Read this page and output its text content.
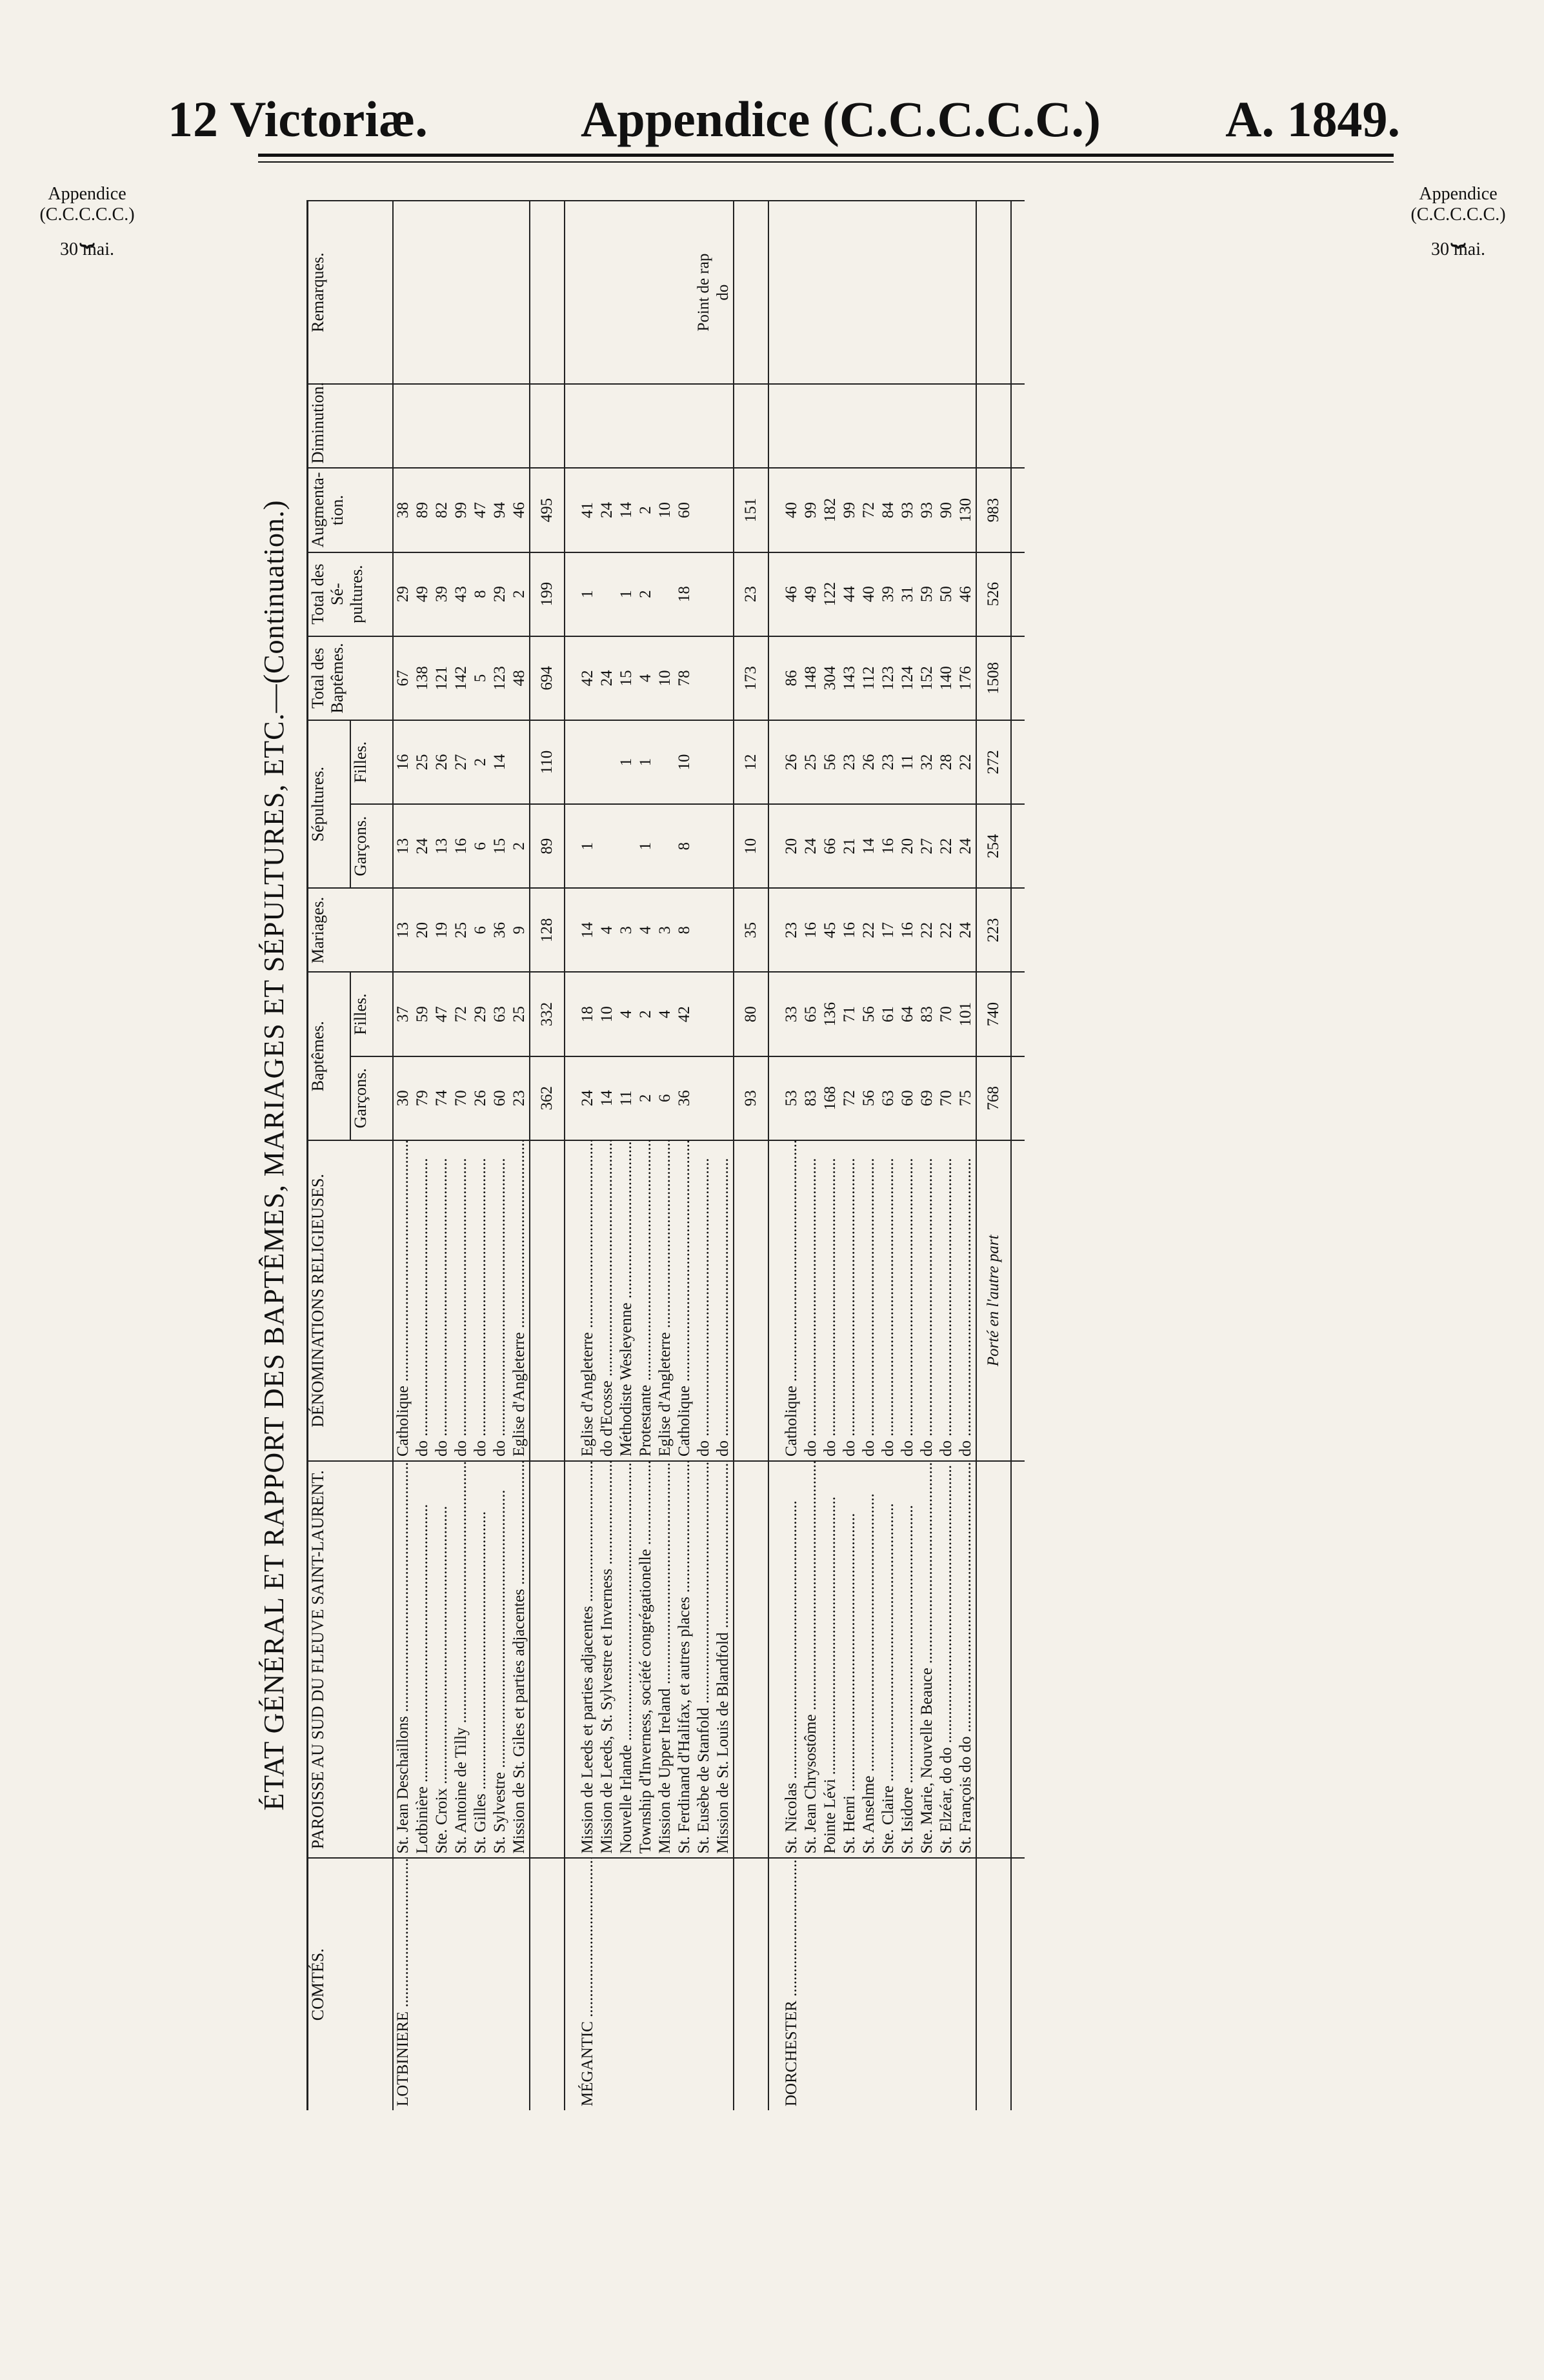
12 Victoriæ.	Appendice (C.C.C.C.C.) A. 1849.
Appendice
(C.C.C.C.C.)
⏟
30 mai.
Appendice
(C.C.C.C.C.)
⏟
30 mai.
ÉTAT GÉNÉRAL ET RAPPORT DES BAPTÊMES, MARIAGES ET SÉPULTURES, ETC.—(Continuation.)
COMTÉS.	PAROISSE AU SUD DU FLEUVE SAINT-LAURENT.	DÉNOMINATIONS RELIGIEUSES.	Baptêmes.		Mariages.	Sépultures.		Total des Baptêmes.	Total des Sé-pultures.	Augmenta-tion.	Diminution.	Remarques.
			Garçons.	Filles.		Garçons.	Filles.					
LOTBINIERE .....	St. Jean Deschaillons .....	Catholique .....	30	37	13	13	16	67	29	38		
	Lotbinière .....	do .....	79	59	20	24	25	138	49	89		
	Ste. Croix .....	do .....	74	47	19	13	26	121	39	82		
	St. Antoine de Tilly .....	do .....	70	72	25	16	27	142	43	99		
	St. Gilles .....	do .....	26	29	6	6	2	5	8	47		
	St. Sylvestre .....	do .....	60	63	36	15	14	123	29	94		
	Mission de St. Giles et parties adjacentes .....	Eglise d'Angleterre .....	23	25	9	2		48	2	46		
			362	332	128	89	110	694	199	495		

MÉGANTIC .....	Mission de Leeds et parties adjacentes .....	Eglise d'Angleterre .....	24	18	14	1		42	1	41		
	Mission de Leeds, St. Sylvestre et Inverness .....	do d'Ecosse .....	14	10	4			24		24		
	Nouvelle Irlande .....	Méthodiste Wesleyenne .....	11	4	3		1	15	1	14		
	Township d'Inverness, société congrégationelle .....	Protestante .....	2	2	4	1	1	4	2	2		
	Mission de Upper Ireland .....	Eglise d'Angleterre .....	6	4	3			10		10		
	St. Ferdinand d'Halifax, et autres places .....	Catholique .....	36	42	8	8	10	78	18	60		
	St. Eusèbe de Stanfold .....	do .....										Point de rap
	Mission de St. Louis de Blandfold .....	do .....										do
			93	80	35	10	12	173	23	151		

DORCHESTER .....	St. Nicolas .....	Catholique .....	53	33	23	20	26	86	46	40		
	St. Jean Chrysostôme .....	do .....	83	65	16	24	25	148	49	99		
	Pointe Lévi .....	do .....	168	136	45	66	56	304	122	182		
	St. Henri .....	do .....	72	71	16	21	23	143	44	99		
	St. Anselme .....	do .....	56	56	22	14	26	112	40	72		
	Ste. Claire .....	do .....	63	61	17	16	23	123	39	84		
	St. Isidore .....	do .....	60	64	16	20	11	124	31	93		
	Ste. Marie, Nouvelle Beauce .....	do .....	69	83	22	27	32	152	59	93		
	St. Elzéar, do do .....	do .....	70	70	22	22	28	140	50	90		
	St. François do do .....	do .....	75	101	24	24	22	176	46	130		
		Porté en l'autre part	768	740	223	254	272	1508	526	983		
